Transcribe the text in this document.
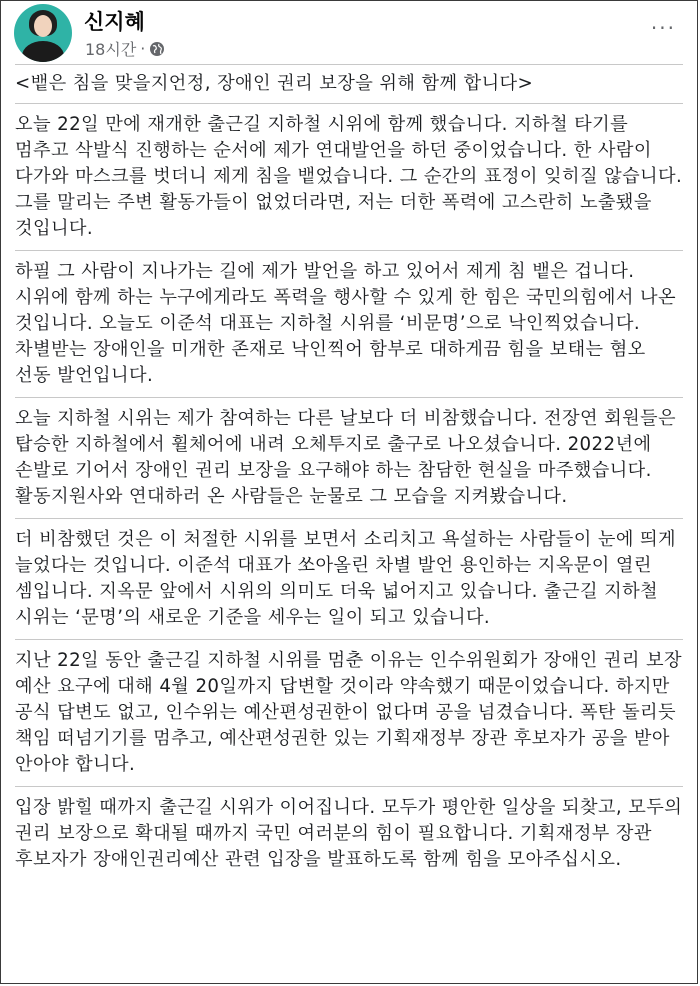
신지혜
18시간 ·
···

<뱉은 침을 맞을지언정, 장애인 권리 보장을 위해 함께 합니다>

오늘 22일 만에 재개한 출근길 지하철 시위에 함께 했습니다. 지하철 타기를 멈추고 삭발식 진행하는 순서에 제가 연대발언을 하던 중이었습니다. 한 사람이 다가와 마스크를 벗더니 제게 침을 뱉었습니다. 그 순간의 표정이 잊히질 않습니다. 그를 말리는 주변 활동가들이 없었더라면, 저는 더한 폭력에 고스란히 노출됐을 것입니다.

하필 그 사람이 지나가는 길에 제가 발언을 하고 있어서 제게 침 뱉은 겁니다. 시위에 함께 하는 누구에게라도 폭력을 행사할 수 있게 한 힘은 국민의힘에서 나온 것입니다. 오늘도 이준석 대표는 지하철 시위를 ‘비문명’으로 낙인찍었습니다. 차별받는 장애인을 미개한 존재로 낙인찍어 함부로 대하게끔 힘을 보태는 혐오 선동 발언입니다.

오늘 지하철 시위는 제가 참여하는 다른 날보다 더 비참했습니다. 전장연 회원들은 탑승한 지하철에서 휠체어에 내려 오체투지로 출구로 나오셨습니다. 2022년에 손발로 기어서 장애인 권리 보장을 요구해야 하는 참담한 현실을 마주했습니다. 활동지원사와 연대하러 온 사람들은 눈물로 그 모습을 지켜봤습니다.

더 비참했던 것은 이 처절한 시위를 보면서 소리치고 욕설하는 사람들이 눈에 띄게 늘었다는 것입니다. 이준석 대표가 쏘아올린 차별 발언 용인하는 지옥문이 열린 셈입니다. 지옥문 앞에서 시위의 의미도 더욱 넓어지고 있습니다. 출근길 지하철 시위는 ‘문명’의 새로운 기준을 세우는 일이 되고 있습니다.

지난 22일 동안 출근길 지하철 시위를 멈춘 이유는 인수위원회가 장애인 권리 보장 예산 요구에 대해 4월 20일까지 답변할 것이라 약속했기 때문이었습니다. 하지만 공식 답변도 없고, 인수위는 예산편성권한이 없다며 공을 넘겼습니다. 폭탄 돌리듯 책임 떠넘기기를 멈추고, 예산편성권한 있는 기획재정부 장관 후보자가 공을 받아 안아야 합니다.

입장 밝힐 때까지 출근길 시위가 이어집니다. 모두가 평안한 일상을 되찾고, 모두의 권리 보장으로 확대될 때까지 국민 여러분의 힘이 필요합니다. 기획재정부 장관 후보자가 장애인권리예산 관련 입장을 발표하도록 함께 힘을 모아주십시오.
